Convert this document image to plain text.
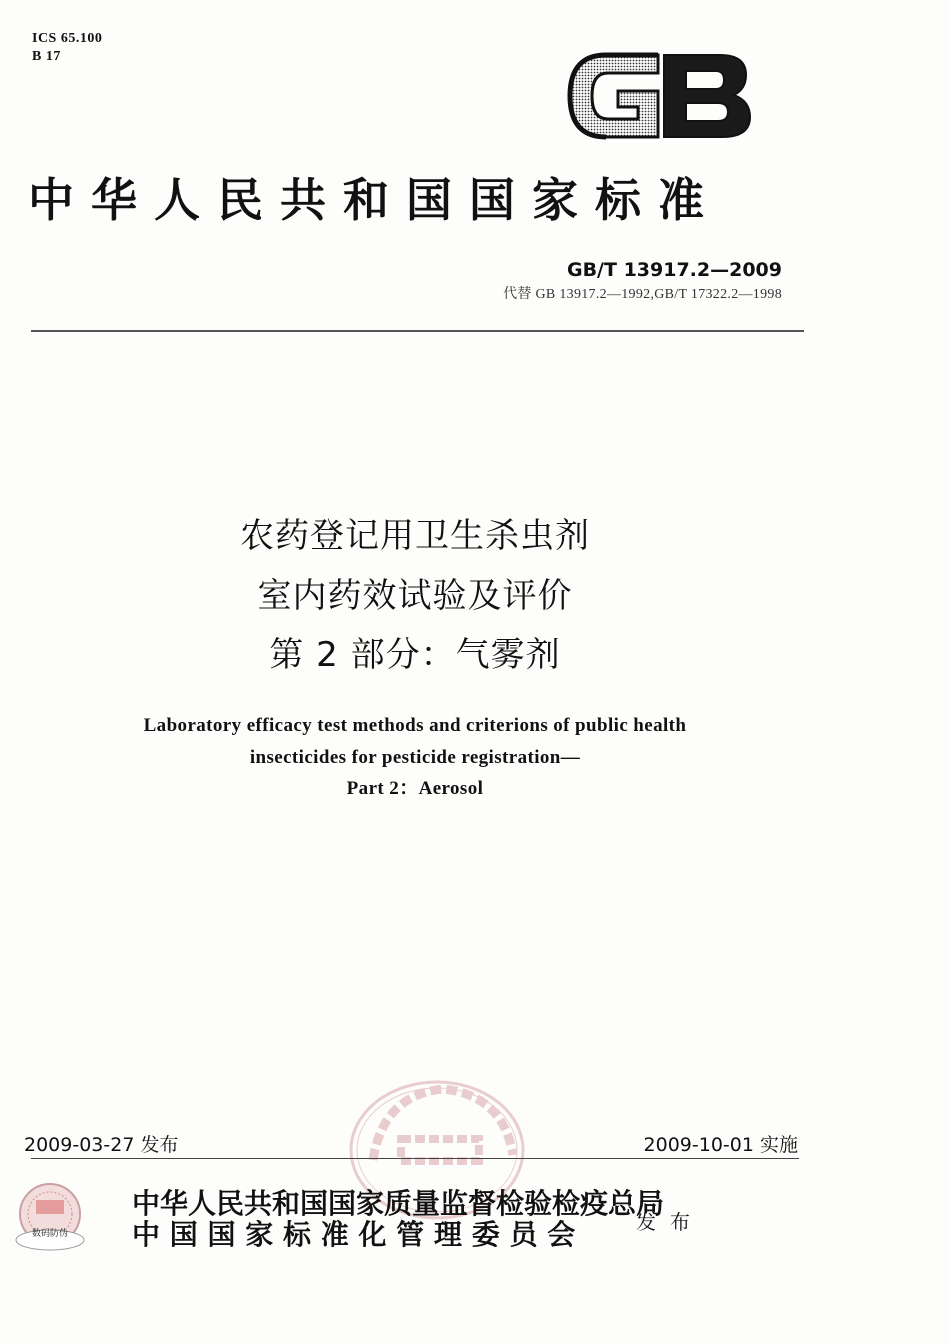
ICS 65.100
B 17
中华人民共和国国家标准
GB/T 13917.2—2009
代替 GB 13917.2—1992,GB/T 17322.2—1998
农药登记用卫生杀虫剂
室内药效试验及评价
第 2 部分：气雾剂
Laboratory efficacy test methods and criterions of public health
insecticides for pesticide registration—
Part 2：Aerosol
2009-03-27 发布	2009-10-01 实施
数码防伪
中华人民共和国国家质量监督检验检疫总局
中 国 国 家 标 准 化 管 理 委 员 会	发布
